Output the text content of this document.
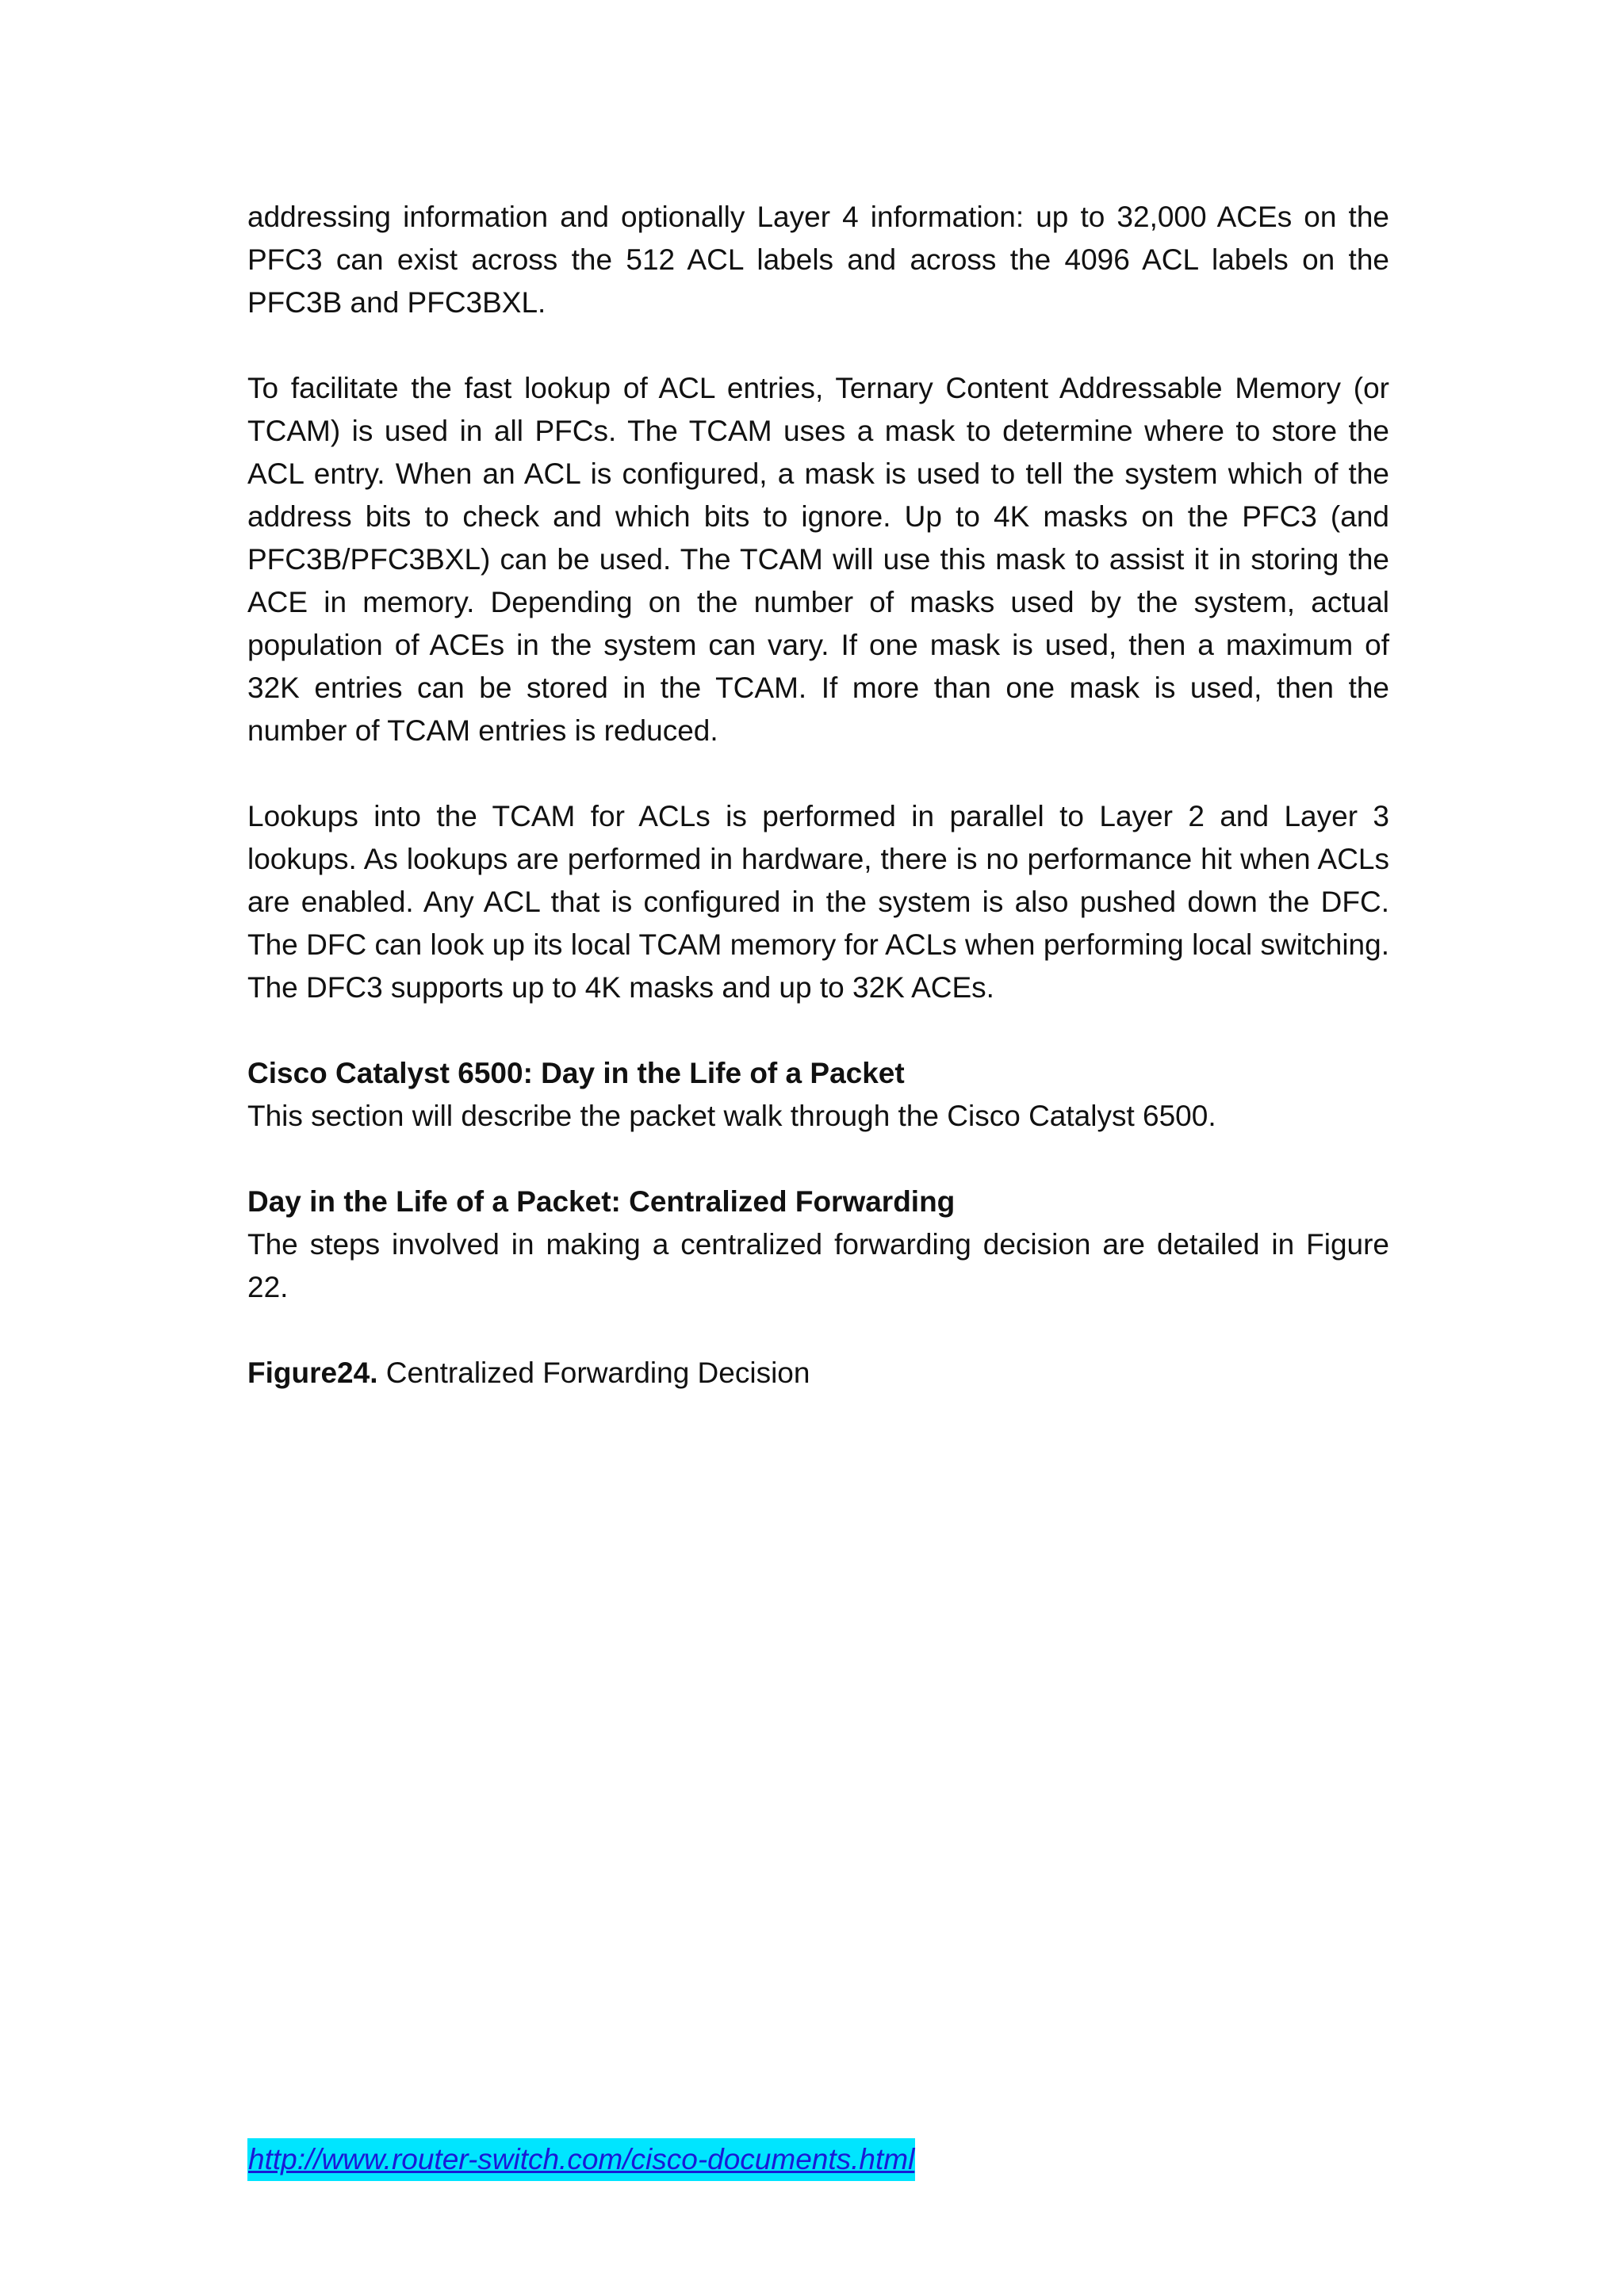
addressing information and optionally Layer 4 information: up to 32,000 ACEs on the PFC3 can exist across the 512 ACL labels and across the 4096 ACL labels on the PFC3B and PFC3BXL.

To facilitate the fast lookup of ACL entries, Ternary Content Addressable Memory (or TCAM) is used in all PFCs. The TCAM uses a mask to determine where to store the ACL entry. When an ACL is configured, a mask is used to tell the system which of the address bits to check and which bits to ignore. Up to 4K masks on the PFC3 (and PFC3B/PFC3BXL) can be used. The TCAM will use this mask to assist it in storing the ACE in memory. Depending on the number of masks used by the system, actual population of ACEs in the system can vary. If one mask is used, then a maximum of 32K entries can be stored in the TCAM. If more than one mask is used, then the number of TCAM entries is reduced.

Lookups into the TCAM for ACLs is performed in parallel to Layer 2 and Layer 3 lookups. As lookups are performed in hardware, there is no performance hit when ACLs are enabled. Any ACL that is configured in the system is also pushed down the DFC. The DFC can look up its local TCAM memory for ACLs when performing local switching. The DFC3 supports up to 4K masks and up to 32K ACEs.

Cisco Catalyst 6500: Day in the Life of a Packet
This section will describe the packet walk through the Cisco Catalyst 6500.

Day in the Life of a Packet: Centralized Forwarding
The steps involved in making a centralized forwarding decision are detailed in Figure 22.

Figure24. Centralized Forwarding Decision

http://www.router-switch.com/cisco-documents.html
